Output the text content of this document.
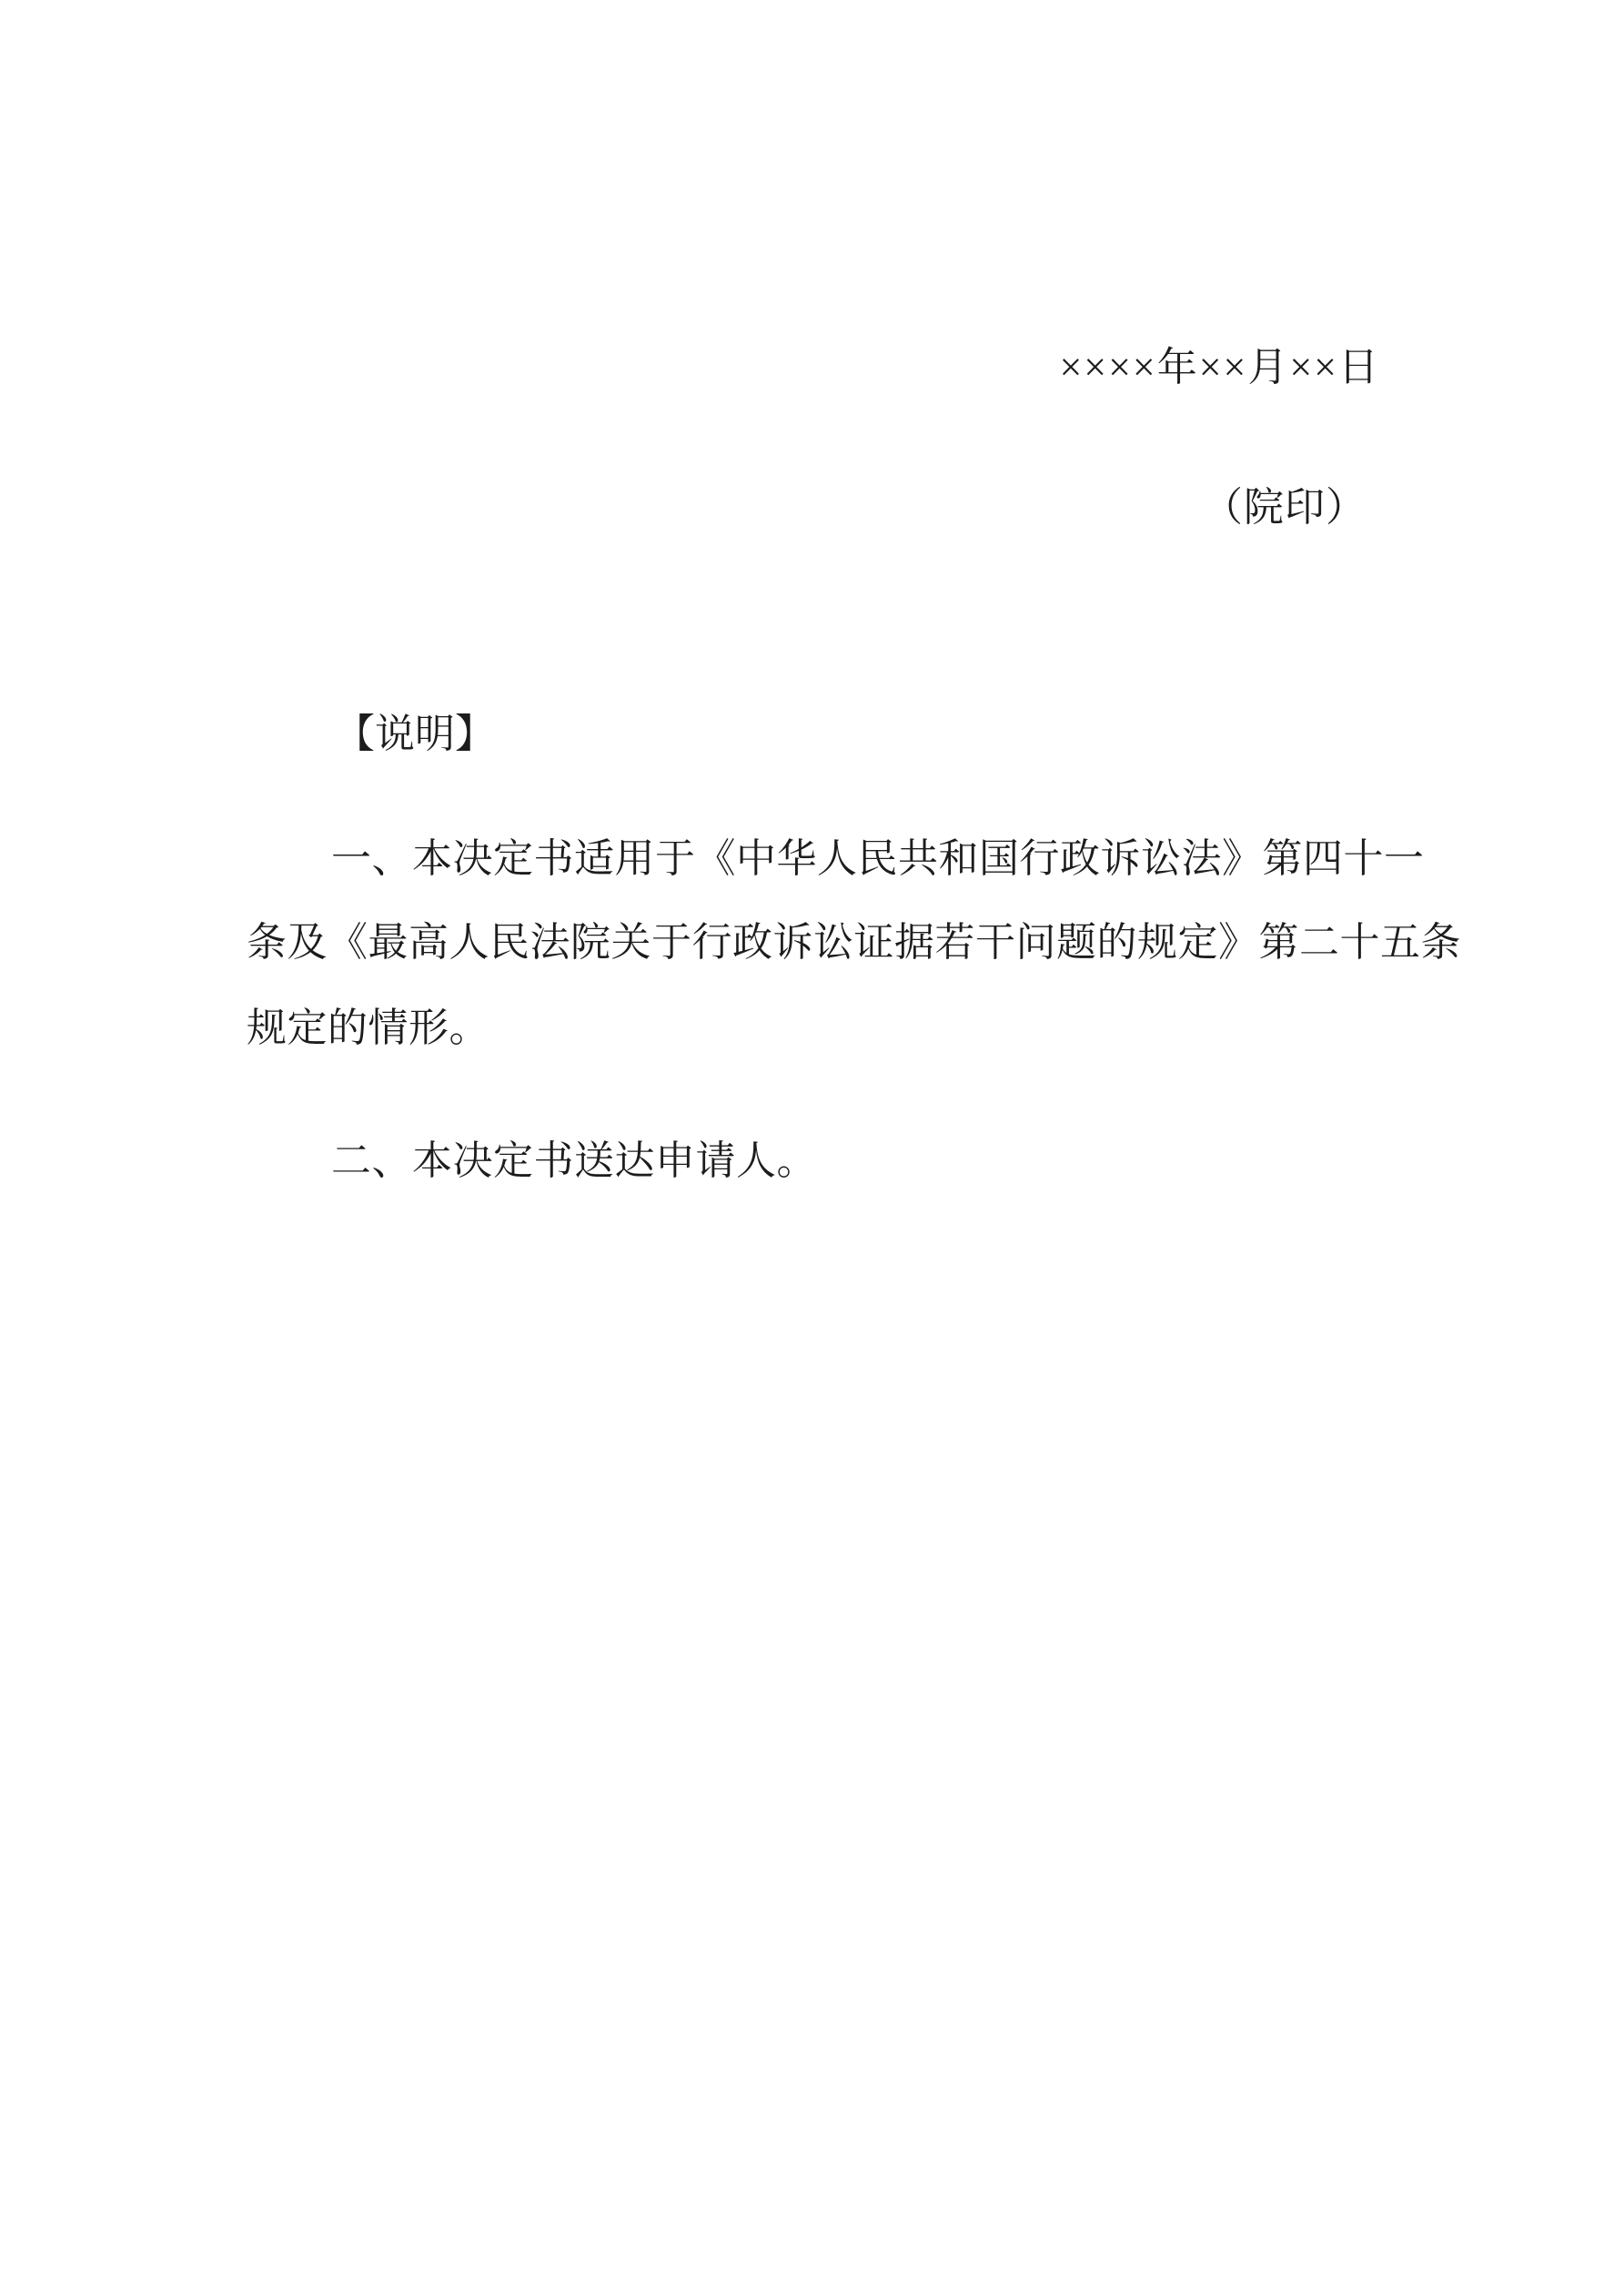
××××年××月××日
（院印）
【说明】
一、本决定书适用于《中华人民共和国行政诉讼法》第四十一
条及《最高人民法院关于行政诉讼证据若干问题的规定》第二十五条
规定的情形。
二、本决定书送达申请人。
